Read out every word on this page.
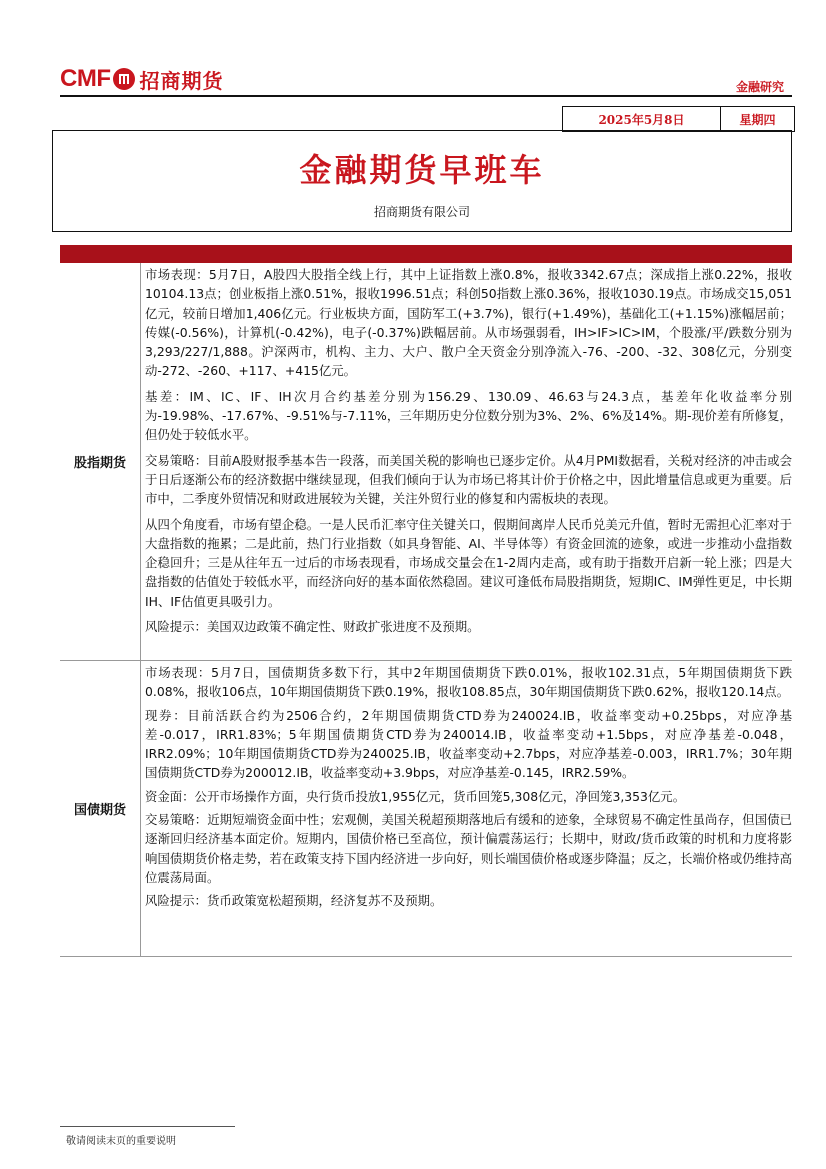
CMF 招商期货	金融研究
2025年5月8日	星期四
金融期货早班车
招商期货有限公司
股指期货

市场表现：5月7日，A股四大股指全线上行，其中上证指数上涨0.8%，报收3342.67点；深成指上涨0.22%，报收10104.13点；创业板指上涨0.51%，报收1996.51点；科创50指数上涨0.36%，报收1030.19点。市场成交15,051亿元，较前日增加1,406亿元。行业板块方面，国防军工(+3.7%)，银行(+1.49%)，基础化工(+1.15%)涨幅居前；传媒(-0.56%)，计算机(-0.42%)，电子(-0.37%)跌幅居前。从市场强弱看，IH>IF>IC>IM，个股涨/平/跌数分别为3,293/227/1,888。沪深两市，机构、主力、大户、散户全天资金分别净流入-76、-200、-32、308亿元，分别变动-272、-260、+117、+415亿元。

基差：IM、IC、IF、IH次月合约基差分别为156.29、130.09、46.63与24.3点，基差年化收益率分别为-19.98%、-17.67%、-9.51%与-7.11%，三年期历史分位数分别为3%、2%、6%及14%。期-现价差有所修复，但仍处于较低水平。

交易策略：目前A股财报季基本告一段落，而美国关税的影响也已逐步定价。从4月PMI数据看，关税对经济的冲击或会于日后逐渐公布的经济数据中继续显现，但我们倾向于认为市场已将其计价于价格之中，因此增量信息或更为重要。后市中，二季度外贸情况和财政进展较为关键，关注外贸行业的修复和内需板块的表现。

从四个角度看，市场有望企稳。一是人民币汇率守住关键关口，假期间离岸人民币兑美元升值，暂时无需担心汇率对于大盘指数的拖累；二是此前，热门行业指数（如具身智能、AI、半导体等）有资金回流的迹象，或进一步推动小盘指数企稳回升；三是从往年五一过后的市场表现看，市场成交量会在1-2周内走高，或有助于指数开启新一轮上涨；四是大盘指数的估值处于较低水平，而经济向好的基本面依然稳固。建议可逢低布局股指期货，短期IC、IM弹性更足，中长期IH、IF估值更具吸引力。

风险提示：美国双边政策不确定性、财政扩张进度不及预期。

国债期货

市场表现：5月7日，国债期货多数下行，其中2年期国债期货下跌0.01%，报收102.31点，5年期国债期货下跌0.08%，报收106点，10年期国债期货下跌0.19%，报收108.85点，30年期国债期货下跌0.62%，报收120.14点。

现券：目前活跃合约为2506合约，2年期国债期货CTD券为240024.IB，收益率变动+0.25bps，对应净基差-0.017，IRR1.83%；5年期国债期货CTD券为240014.IB，收益率变动+1.5bps，对应净基差-0.048，IRR2.09%；10年期国债期货CTD券为240025.IB，收益率变动+2.7bps，对应净基差-0.003，IRR1.7%；30年期国债期货CTD券为200012.IB，收益率变动+3.9bps，对应净基差-0.145，IRR2.59%。

资金面：公开市场操作方面，央行货币投放1,955亿元，货币回笼5,308亿元，净回笼3,353亿元。

交易策略：近期短端资金面中性；宏观侧，美国关税超预期落地后有缓和的迹象，全球贸易不确定性虽尚存，但国债已逐渐回归经济基本面定价。短期内，国债价格已至高位，预计偏震荡运行；长期中，财政/货币政策的时机和力度将影响国债期货价格走势，若在政策支持下国内经济进一步向好，则长端国债价格或逐步降温；反之，长端价格或仍维持高位震荡局面。

风险提示：货币政策宽松超预期，经济复苏不及预期。

敬请阅读末页的重要说明
